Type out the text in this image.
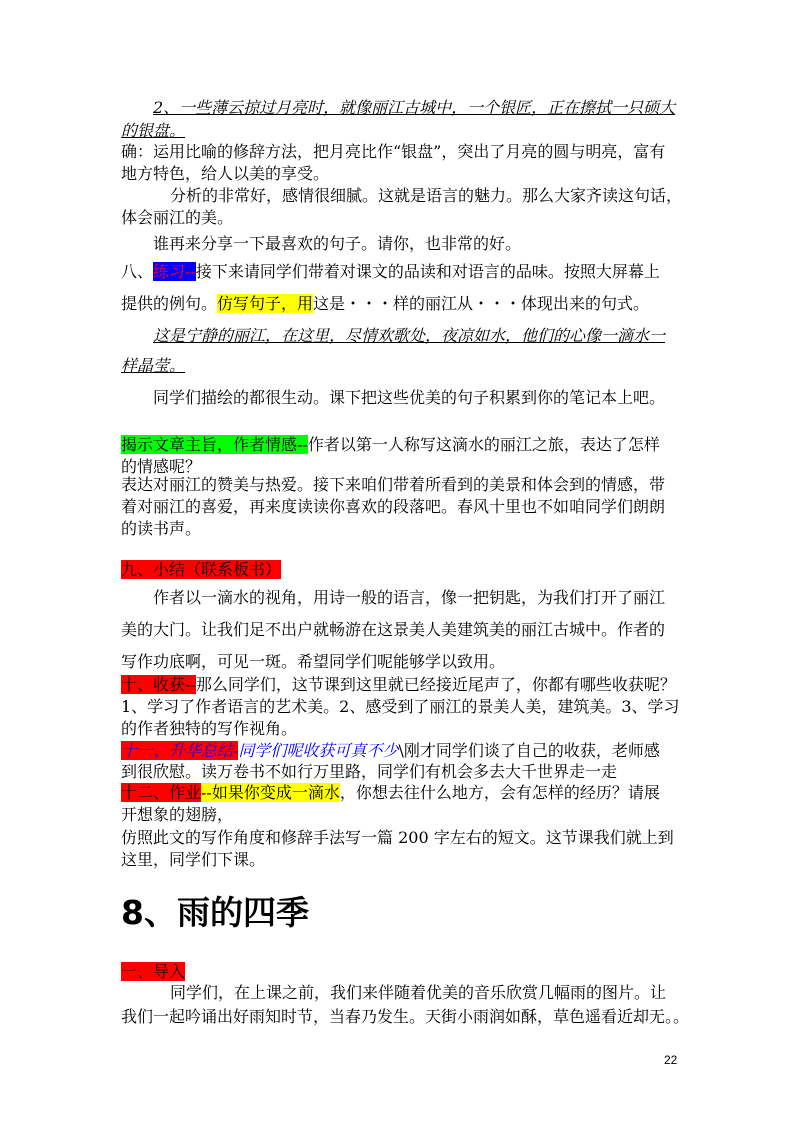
2、一些薄云掠过月亮时，就像丽江古城中，一个银匠，正在擦拭一只硕大
的银盘。
确：运用比喻的修辞方法，把月亮比作“银盘”，突出了月亮的圆与明亮，富有
地方特色，给人以美的享受。
分析的非常好，感情很细腻。这就是语言的魅力。那么大家齐读这句话，
体会丽江的美。
谁再来分享一下最喜欢的句子。请你，也非常的好。
八、练习--接下来请同学们带着对课文的品读和对语言的品味。按照大屏幕上
提供的例句。仿写句子，用这是・・・样的丽江从・・・体现出来的句式。
这是宁静的丽江，在这里，尽情欢歌处，夜凉如水，他们的心像一滴水一
样晶莹。
同学们描绘的都很生动。课下把这些优美的句子积累到你的笔记本上吧。
揭示文章主旨，作者情感--作者以第一人称写这滴水的丽江之旅，表达了怎样
的情感呢？
表达对丽江的赞美与热爱。接下来咱们带着所看到的美景和体会到的情感，带
着对丽江的喜爱，再来度读读你喜欢的段落吧。春风十里也不如咱同学们朗朗
的读书声。
九、小结（联系板书）
作者以一滴水的视角，用诗一般的语言，像一把钥匙，为我们打开了丽江
美的大门。让我们足不出户就畅游在这景美人美建筑美的丽江古城中。作者的
写作功底啊，可见一斑。希望同学们呢能够学以致用。
十、收获--那么同学们，这节课到这里就已经接近尾声了，你都有哪些收获呢？
1、学习了作者语言的艺术美。2、感受到了丽江的景美人美，建筑美。3、学习
的作者独特的写作视角。
十一、升华总结-同学们呢收获可真不少\刚才同学们谈了自己的收获，老师感
到很欣慰。读万卷书不如行万里路，同学们有机会多去大千世界走一走
十二、作业--如果你变成一滴水，你想去往什么地方，会有怎样的经历？请展
开想象的翅膀，
仿照此文的写作角度和修辞手法写一篇 200 字左右的短文。这节课我们就上到
这里，同学们下课。
8、雨的四季
一、导入
同学们，在上课之前，我们来伴随着优美的音乐欣赏几幅雨的图片。让
我们一起吟诵出好雨知时节，当春乃发生。天街小雨润如酥，草色遥看近却无。。
22
